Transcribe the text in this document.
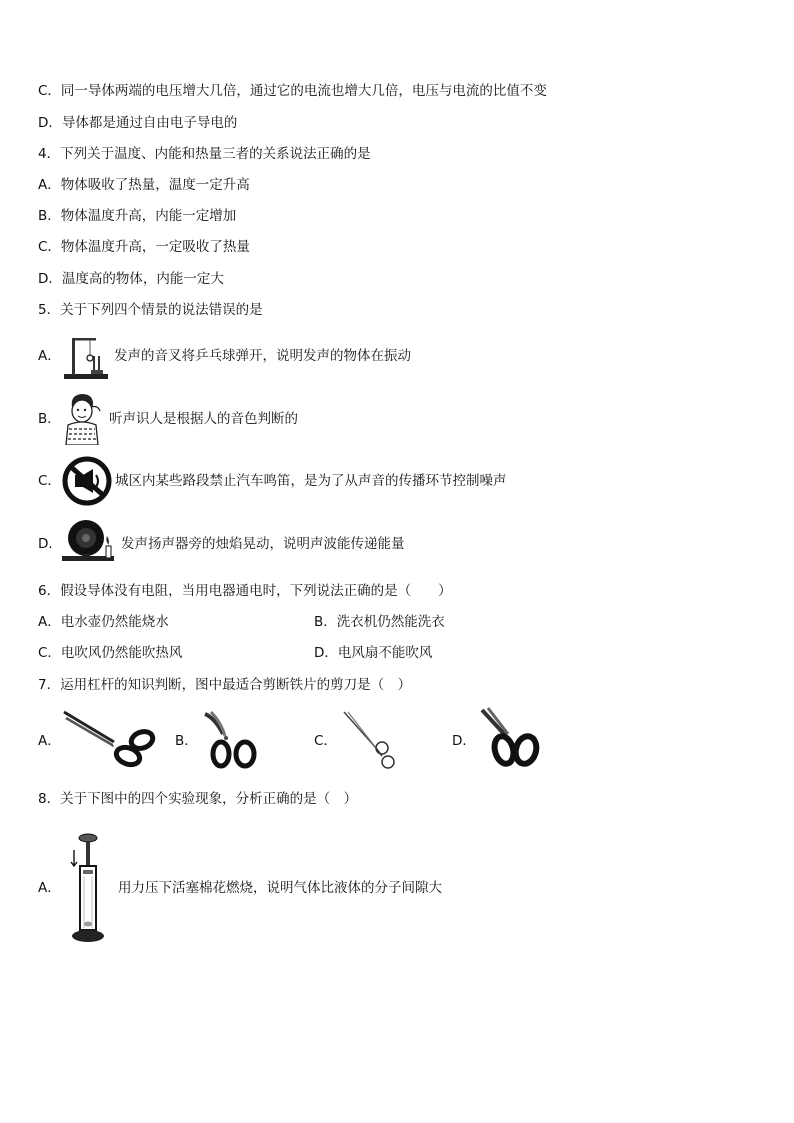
C．同一导体两端的电压增大几倍，通过它的电流也增大几倍，电压与电流的比值不变
D．导体都是通过自由电子导电的
4．下列关于温度、内能和热量三者的关系说法正确的是
A．物体吸收了热量，温度一定升高
B．物体温度升高，内能一定增加
C．物体温度升高，一定吸收了热量
D．温度高的物体，内能一定大
5．关于下列四个情景的说法错误的是
A．	发声的音叉将乒乓球弹开，说明发声的物体在振动
B．	听声识人是根据人的音色判断的
C．	城区内某些路段禁止汽车鸣笛，是为了从声音的传播环节控制噪声
D．	发声扬声器旁的烛焰晃动，说明声波能传递能量
6．假设导体没有电阻，当用电器通电时，下列说法正确的是（　　）
A．电水壶仍然能烧水	B．洗衣机仍然能洗衣
C．电吹风仍然能吹热风	D．电风扇不能吹风
7．运用杠杆的知识判断，图中最适合剪断铁片的剪刀是（　）
A．	B．	C．	D．
8．关于下图中的四个实验现象，分析正确的是（　）
A．	用力压下活塞棉花燃烧，说明气体比液体的分子间隙大
